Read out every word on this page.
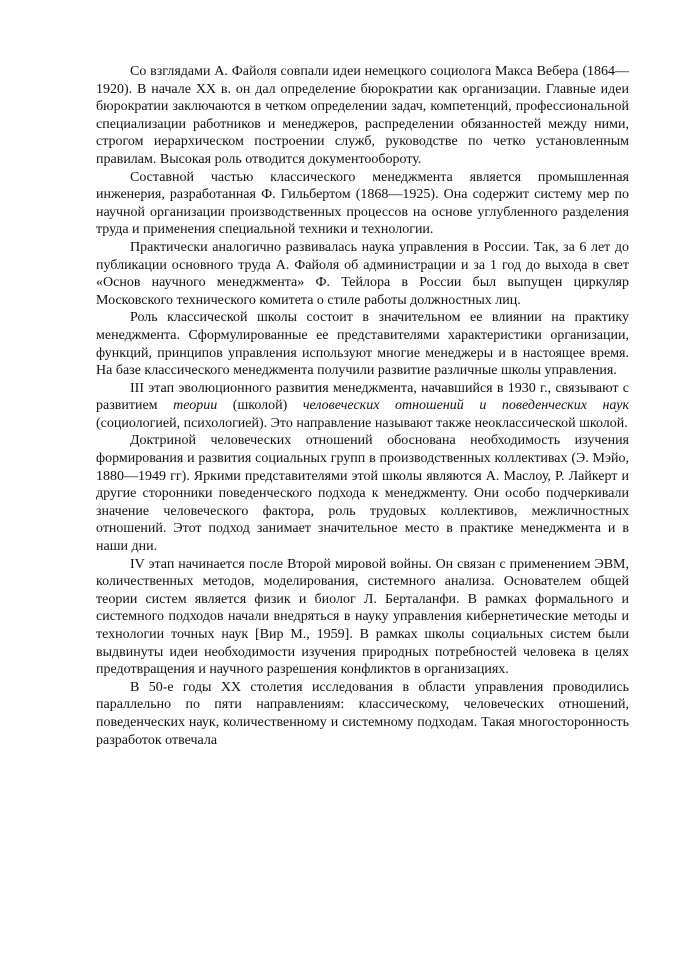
Со взглядами А. Файоля совпали идеи немецкого социолога Макса Вебера (1864—1920). В начале XX в. он дал определение бюрократии как организации. Главные идеи бюрократии заключаются в четком определении задач, компетенций, профессиональной специализации работников и менеджеров, распределении обязанностей между ними, строгом иерархическом построении служб, руководстве по четко установленным правилам. Высокая роль отводится документообороту.

Составной частью классического менеджмента является промышленная инженерия, разработанная Ф. Гильбертом (1868—1925). Она содержит систему мер по научной организации производственных процессов на основе углубленного разделения труда и применения специальной техники и технологии.

Практически аналогично развивалась наука управления в России. Так, за 6 лет до публикации основного труда А. Файоля об администрации и за 1 год до выхода в свет «Основ научного менеджмента» Ф. Тейлора в России был выпущен циркуляр Московского технического комитета о стиле работы должностных лиц.

Роль классической школы состоит в значительном ее влиянии на практику менеджмента. Сформулированные ее представителями характеристики организации, функций, принципов управления используют многие менеджеры и в настоящее время. На базе классического менеджмента получили развитие различные школы управления.

III этап эволюционного развития менеджмента, начавшийся в 1930 г., связывают с развитием теории (школой) человеческих отношений и поведенческих наук (социологией, психологией). Это направление называют также неоклассической школой.

Доктриной человеческих отношений обоснована необходимость изучения формирования и развития социальных групп в производственных коллективах (Э. Мэйо, 1880—1949 гг). Яркими представителями этой школы являются А. Маслоу, Р. Лайкерт и другие сторонники поведенческого подхода к менеджменту. Они особо подчеркивали значение человеческого фактора, роль трудовых коллективов, межличностных отношений. Этот подход занимает значительное место в практике менеджмента и в наши дни.

IV этап начинается после Второй мировой войны. Он связан с применением ЭВМ, количественных методов, моделирования, системного анализа. Основателем общей теории систем является физик и биолог Л. Берталанфи. В рамках формального и системного подходов начали внедряться в науку управления кибернетические методы и технологии точных наук [Вир М., 1959]. В рамках школы социальных систем были выдвинуты идеи необходимости изучения природных потребностей человека в целях предотвращения и научного разрешения конфликтов в организациях.

В 50-е годы XX столетия исследования в области управления проводились параллельно по пяти направлениям: классическому, человеческих отношений, поведенческих наук, количественному и системному подходам. Такая многосторонность разработок отвечала
